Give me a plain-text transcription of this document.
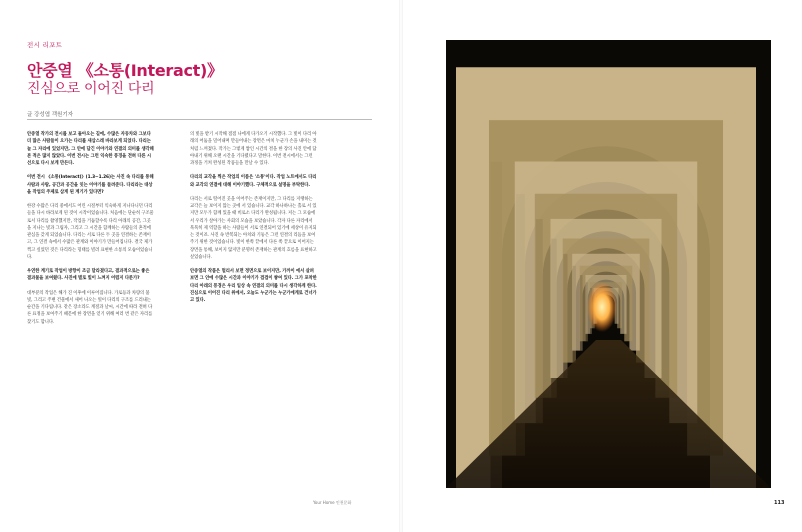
전시 리포트
안중열 《소통(Interact)》
진심으로 이어진 다리
글 강성엽 객원기자

안중열 작가의 전시를 보고 돌아오는 길에, 수많은 자동차와 그보다 더 많은 사람들이 오가는 다리를 새삼스레 바라보게 되었다. 다리는 늘 그 자리에 있었지만, 그 안에 담긴 이야기와 연결의 의미를 생각해 본 적은 많지 않았다. 이번 전시는 그런 익숙한 풍경을 전혀 다른 시선으로 다시 보게 만든다.

이번 전시 《소통(Interact)》(1.3~1.26)는 사진 속 다리를 통해 사람과 사람, 공간과 공간을 잇는 이야기를 들려준다. 다리라는 대상을 작업의 주제로 삼게 된 계기가 있다면?

한강 수많은 다리 중에서도 어린 시절부터 익숙하게 지나다니던 다리들을 다시 바라보게 된 것이 시작이었습니다. 처음에는 단순히 구조물로서 다리를 촬영했지만, 작업을 거듭할수록 다리 아래의 공간, 그곳을 지나는 빛과 그림자, 그리고 그 시간을 함께하는 사람들의 흔적에 관심을 갖게 되었습니다. 다리는 서로 다른 두 곳을 연결하는 존재이고, 그 연결 속에서 수많은 관계와 이야기가 만들어집니다. 결국 제가 찍고 싶었던 것은 다리라는 형태를 빌려 표현한 소통의 모습이었습니다.

우연한 계기로 작업이 방향이 조금 달라졌다고, 결과적으로는 좋은 결과물을 보여줬다. 사진에 별로 빛이 느껴지 어렵지 다룬가?

대부분의 작업은 해가 진 이후에 이루어집니다. 가로등과 차량의 불빛, 그리고 주변 건물에서 새어 나오는 빛이 다리의 구조를 드러내는 순간을 기다립니다. 같은 장소라도 계절과 날씨, 시간에 따라 전혀 다른 표정을 보여주기 때문에 한 장면을 얻기 위해 여러 번 같은 자리를 찾기도 합니다.

의 빛을 받기 시작해 점점 나에게 다가오기 시작했다. 그 빛이 다리 아래의 어둠을 밀어내며 만들어내는 장면은 마치 누군가 손을 내미는 것처럼 느껴졌다. 작가는 그렇게 쌓인 시간의 결을 한 장의 사진 안에 담아내기 위해 오랜 시간을 기다렸다고 말한다. 이번 전시에서는 그런 과정을 거쳐 완성된 작품들을 만날 수 있다.

다리의 교각을 찍은 작업의 이름은 '소통'이다. 작업 노트에서도 다리와 교각의 연결에 대해 이야기했다. 구체적으로 설명을 부탁한다.

다리는 서로 떨어진 곳을 이어주는 존재이지만, 그 다리를 지탱하는 교각은 늘 보이지 않는 곳에 서 있습니다. 교각 하나하나는 홀로 서 있지만 모두가 함께 있을 때 비로소 다리가 완성됩니다. 저는 그 모습에서 우리가 살아가는 사회의 모습을 보았습니다. 각자 다른 자리에서 묵묵히 제 역할을 하는 사람들이 서로 연결되어 있기에 세상이 유지되는 것이죠. 사진 속 반복되는 아치와 기둥은 그런 연결의 리듬을 보여주기 위한 것이었습니다. 빛이 한쪽 끝에서 다른 쪽 끝으로 이어지는 장면을 통해, 보이지 않지만 분명히 존재하는 관계의 흐름을 표현하고 싶었습니다.

안중열의 작품은 멀리서 보면 정면으로 보이지만, 가까이 에서 살펴보면 그 안에 수많은 시간과 이야기가 겹겹이 쌓여 있다. 그가 포착한 다리 아래의 풍경은 우리 일상 속 연결의 의미를 다시 생각하게 한다. 진심으로 이어진 다리 위에서, 오늘도 누군가는 누군가에게로 건너가고 있다.

Your Home 인천문화	113
